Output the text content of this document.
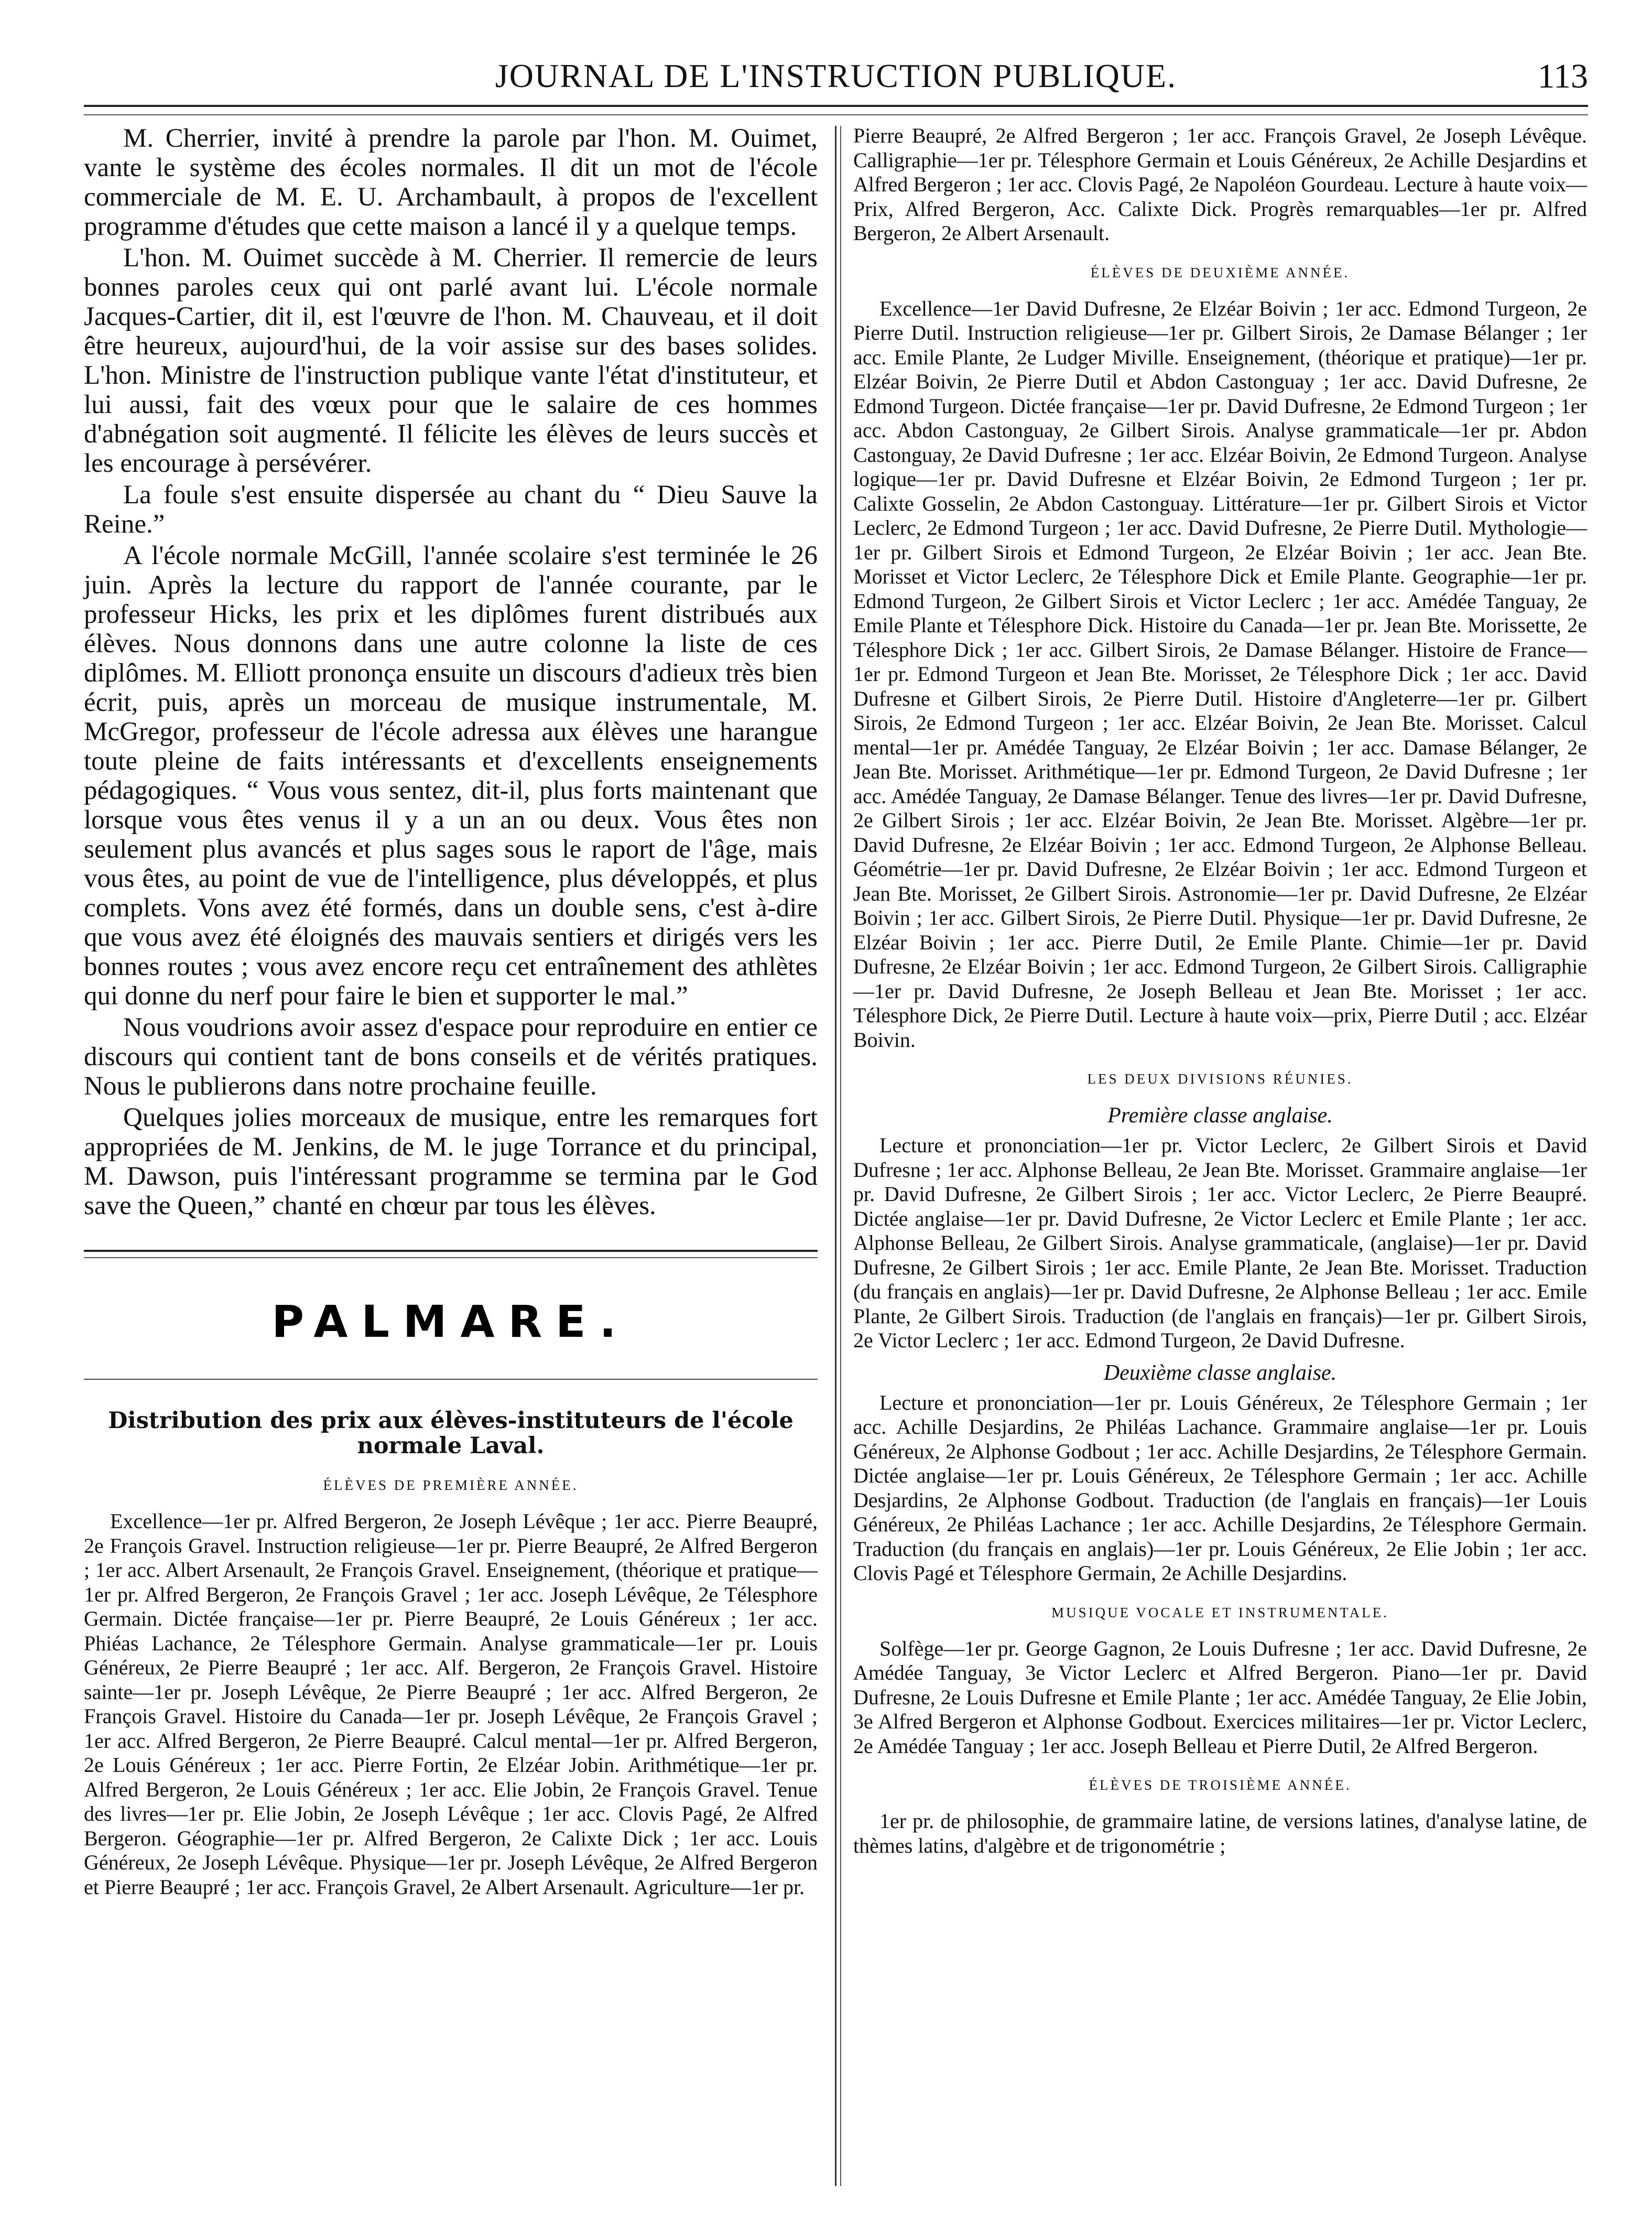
JOURNAL DE L'INSTRUCTION PUBLIQUE.	113

M. Cherrier, invité à prendre la parole par l'hon. M. Ouimet, vante le système des écoles normales. Il dit un mot de l'école commerciale de M. E. U. Archambault, à propos de l'excellent programme d'études que cette maison a lancé il y a quelque temps.

L'hon. M. Ouimet succède à M. Cherrier. Il remercie de leurs bonnes paroles ceux qui ont parlé avant lui. L'école normale Jacques-Cartier, dit il, est l'œuvre de l'hon. M. Chauveau, et il doit être heureux, aujourd'hui, de la voir assise sur des bases solides. L'hon. Ministre de l'instruction publique vante l'état d'instituteur, et lui aussi, fait des vœux pour que le salaire de ces hommes d'abnégation soit augmenté. Il félicite les élèves de leurs succès et les encourage à persévérer.

La foule s'est ensuite dispersée au chant du “ Dieu Sauve la Reine.”

A l'école normale McGill, l'année scolaire s'est terminée le 26 juin. Après la lecture du rapport de l'année courante, par le professeur Hicks, les prix et les diplômes furent distribués aux élèves. Nous donnons dans une autre colonne la liste de ces diplômes. M. Elliott prononça ensuite un discours d'adieux très bien écrit, puis, après un morceau de musique instrumentale, M. McGregor, professeur de l'école adressa aux élèves une harangue toute pleine de faits intéressants et d'excellents enseignements pédagogiques. “ Vous vous sentez, dit-il, plus forts maintenant que lorsque vous êtes venus il y a un an ou deux. Vous êtes non seulement plus avancés et plus sages sous le raport de l'âge, mais vous êtes, au point de vue de l'intelligence, plus développés, et plus complets. Vons avez été formés, dans un double sens, c'est à-dire que vous avez été éloignés des mauvais sentiers et dirigés vers les bonnes routes ; vous avez encore reçu cet entraînement des athlètes qui donne du nerf pour faire le bien et supporter le mal.”

Nous voudrions avoir assez d'espace pour reproduire en entier ce discours qui contient tant de bons conseils et de vérités pratiques. Nous le publierons dans notre prochaine feuille.

Quelques jolies morceaux de musique, entre les remarques fort appropriées de M. Jenkins, de M. le juge Torrance et du principal, M. Dawson, puis l'intéressant programme se termina par le God save the Queen,” chanté en chœur par tous les élèves.

PALMARE.
Distribution des prix aux élèves-instituteurs de l'école normale Laval.
ÉLÈVES DE PREMIÈRE ANNÉE.

Excellence—1er pr. Alfred Bergeron, 2e Joseph Lévêque ; 1er acc. Pierre Beaupré, 2e François Gravel. Instruction religieuse—1er pr. Pierre Beaupré, 2e Alfred Bergeron ; 1er acc. Albert Arsenault, 2e François Gravel. Enseignement, (théorique et pratique—1er pr. Alfred Bergeron, 2e François Gravel ; 1er acc. Joseph Lévêque, 2e Télesphore Germain. Dictée française—1er pr. Pierre Beaupré, 2e Louis Généreux ; 1er acc. Phiéas Lachance, 2e Télesphore Germain. Analyse grammaticale—1er pr. Louis Généreux, 2e Pierre Beaupré ; 1er acc. Alf. Bergeron, 2e François Gravel. Histoire sainte—1er pr. Joseph Lévêque, 2e Pierre Beaupré ; 1er acc. Alfred Bergeron, 2e François Gravel. Histoire du Canada—1er pr. Joseph Lévêque, 2e François Gravel ; 1er acc. Alfred Bergeron, 2e Pierre Beaupré. Calcul mental—1er pr. Alfred Bergeron, 2e Louis Généreux ; 1er acc. Pierre Fortin, 2e Elzéar Jobin. Arithmétique—1er pr. Alfred Bergeron, 2e Louis Généreux ; 1er acc. Elie Jobin, 2e François Gravel. Tenue des livres—1er pr. Elie Jobin, 2e Joseph Lévêque ; 1er acc. Clovis Pagé, 2e Alfred Bergeron. Géographie—1er pr. Alfred Bergeron, 2e Calixte Dick ; 1er acc. Louis Généreux, 2e Joseph Lévêque. Physique—1er pr. Joseph Lévêque, 2e Alfred Bergeron et Pierre Beaupré ; 1er acc. François Gravel, 2e Albert Arsenault. Agriculture—1er pr.

Pierre Beaupré, 2e Alfred Bergeron ; 1er acc. François Gravel, 2e Joseph Lévêque. Calligraphie—1er pr. Télesphore Germain et Louis Généreux, 2e Achille Desjardins et Alfred Bergeron ; 1er acc. Clovis Pagé, 2e Napoléon Gourdeau. Lecture à haute voix—Prix, Alfred Bergeron, Acc. Calixte Dick. Progrès remarquables—1er pr. Alfred Bergeron, 2e Albert Arsenault.

ÉLÈVES DE DEUXIÈME ANNÉE.

Excellence—1er David Dufresne, 2e Elzéar Boivin ; 1er acc. Edmond Turgeon, 2e Pierre Dutil. Instruction religieuse—1er pr. Gilbert Sirois, 2e Damase Bélanger ; 1er acc. Emile Plante, 2e Ludger Miville. Enseignement, (théorique et pratique)—1er pr. Elzéar Boivin, 2e Pierre Dutil et Abdon Castonguay ; 1er acc. David Dufresne, 2e Edmond Turgeon. Dictée française—1er pr. David Dufresne, 2e Edmond Turgeon ; 1er acc. Abdon Castonguay, 2e Gilbert Sirois. Analyse grammaticale—1er pr. Abdon Castonguay, 2e David Dufresne ; 1er acc. Elzéar Boivin, 2e Edmond Turgeon. Analyse logique—1er pr. David Dufresne et Elzéar Boivin, 2e Edmond Turgeon ; 1er pr. Calixte Gosselin, 2e Abdon Castonguay. Littérature—1er pr. Gilbert Sirois et Victor Leclerc, 2e Edmond Turgeon ; 1er acc. David Dufresne, 2e Pierre Dutil. Mythologie—1er pr. Gilbert Sirois et Edmond Turgeon, 2e Elzéar Boivin ; 1er acc. Jean Bte. Morisset et Victor Leclerc, 2e Télesphore Dick et Emile Plante. Geographie—1er pr. Edmond Turgeon, 2e Gilbert Sirois et Victor Leclerc ; 1er acc. Amédée Tanguay, 2e Emile Plante et Télesphore Dick. Histoire du Canada—1er pr. Jean Bte. Morissette, 2e Télesphore Dick ; 1er acc. Gilbert Sirois, 2e Damase Bélanger. Histoire de France—1er pr. Edmond Turgeon et Jean Bte. Morisset, 2e Télesphore Dick ; 1er acc. David Dufresne et Gilbert Sirois, 2e Pierre Dutil. Histoire d'Angleterre—1er pr. Gilbert Sirois, 2e Edmond Turgeon ; 1er acc. Elzéar Boivin, 2e Jean Bte. Morisset. Calcul mental—1er pr. Amédée Tanguay, 2e Elzéar Boivin ; 1er acc. Damase Bélanger, 2e Jean Bte. Morisset. Arithmétique—1er pr. Edmond Turgeon, 2e David Dufresne ; 1er acc. Amédée Tanguay, 2e Damase Bélanger. Tenue des livres—1er pr. David Dufresne, 2e Gilbert Sirois ; 1er acc. Elzéar Boivin, 2e Jean Bte. Morisset. Algèbre—1er pr. David Dufresne, 2e Elzéar Boivin ; 1er acc. Edmond Turgeon, 2e Alphonse Belleau. Géométrie—1er pr. David Dufresne, 2e Elzéar Boivin ; 1er acc. Edmond Turgeon et Jean Bte. Morisset, 2e Gilbert Sirois. Astronomie—1er pr. David Dufresne, 2e Elzéar Boivin ; 1er acc. Gilbert Sirois, 2e Pierre Dutil. Physique—1er pr. David Dufresne, 2e Elzéar Boivin ; 1er acc. Pierre Dutil, 2e Emile Plante. Chimie—1er pr. David Dufresne, 2e Elzéar Boivin ; 1er acc. Edmond Turgeon, 2e Gilbert Sirois. Calligraphie—1er pr. David Dufresne, 2e Joseph Belleau et Jean Bte. Morisset ; 1er acc. Télesphore Dick, 2e Pierre Dutil. Lecture à haute voix—prix, Pierre Dutil ; acc. Elzéar Boivin.

LES DEUX DIVISIONS RÉUNIES.
Première classe anglaise.

Lecture et prononciation—1er pr. Victor Leclerc, 2e Gilbert Sirois et David Dufresne ; 1er acc. Alphonse Belleau, 2e Jean Bte. Morisset. Grammaire anglaise—1er pr. David Dufresne, 2e Gilbert Sirois ; 1er acc. Victor Leclerc, 2e Pierre Beaupré. Dictée anglaise—1er pr. David Dufresne, 2e Victor Leclerc et Emile Plante ; 1er acc. Alphonse Belleau, 2e Gilbert Sirois. Analyse grammaticale, (anglaise)—1er pr. David Dufresne, 2e Gilbert Sirois ; 1er acc. Emile Plante, 2e Jean Bte. Morisset. Traduction (du français en anglais)—1er pr. David Dufresne, 2e Alphonse Belleau ; 1er acc. Emile Plante, 2e Gilbert Sirois. Traduction (de l'anglais en français)—1er pr. Gilbert Sirois, 2e Victor Leclerc ; 1er acc. Edmond Turgeon, 2e David Dufresne.

Deuxième classe anglaise.

Lecture et prononciation—1er pr. Louis Généreux, 2e Télesphore Germain ; 1er acc. Achille Desjardins, 2e Philéas Lachance. Grammaire anglaise—1er pr. Louis Généreux, 2e Alphonse Godbout ; 1er acc. Achille Desjardins, 2e Télesphore Germain. Dictée anglaise—1er pr. Louis Généreux, 2e Télesphore Germain ; 1er acc. Achille Desjardins, 2e Alphonse Godbout. Traduction (de l'anglais en français)—1er Louis Généreux, 2e Philéas Lachance ; 1er acc. Achille Desjardins, 2e Télesphore Germain. Traduction (du français en anglais)—1er pr. Louis Généreux, 2e Elie Jobin ; 1er acc. Clovis Pagé et Télesphore Germain, 2e Achille Desjardins.

MUSIQUE VOCALE ET INSTRUMENTALE.

Solfège—1er pr. George Gagnon, 2e Louis Dufresne ; 1er acc. David Dufresne, 2e Amédée Tanguay, 3e Victor Leclerc et Alfred Bergeron. Piano—1er pr. David Dufresne, 2e Louis Dufresne et Emile Plante ; 1er acc. Amédée Tanguay, 2e Elie Jobin, 3e Alfred Bergeron et Alphonse Godbout. Exercices militaires—1er pr. Victor Leclerc, 2e Amédée Tanguay ; 1er acc. Joseph Belleau et Pierre Dutil, 2e Alfred Bergeron.

ÉLÈVES DE TROISIÈME ANNÉE.

1er pr. de philosophie, de grammaire latine, de versions latines, d'analyse latine, de thèmes latins, d'algèbre et de trigonométrie ;
